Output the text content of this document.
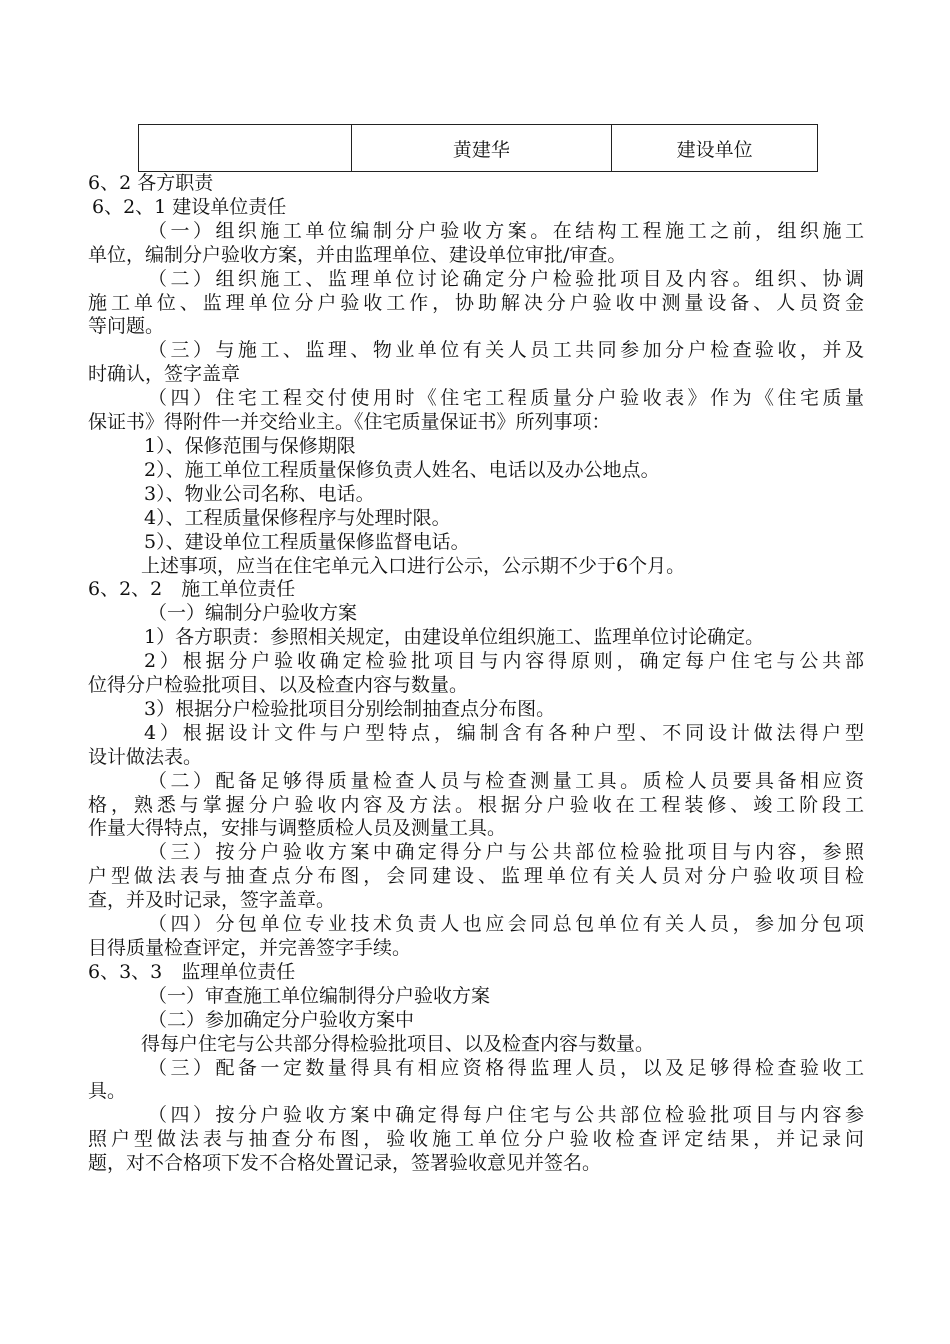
	黄建华	建设单位

6、2 各方职责

6、2、1 建设单位责任

（一）组织施工单位编制分户验收方案。在结构工程施工之前，组织施工

单位，编制分户验收方案，并由监理单位、建设单位审批/审查。

（二）组织施工、监理单位讨论确定分户检验批项目及内容。组织、协调

施工单位、监理单位分户验收工作，协助解决分户验收中测量设备、人员资金

等问题。

（三）与施工、监理、物业单位有关人员工共同参加分户检查验收，并及

时确认，签字盖章

（四）住宅工程交付使用时《住宅工程质量分户验收表》作为《住宅质量

保证书》得附件一并交给业主。《住宅质量保证书》所列事项：

1）、保修范围与保修期限

2）、施工单位工程质量保修负责人姓名、电话以及办公地点。

3）、物业公司名称、电话。

4）、工程质量保修程序与处理时限。

5）、建设单位工程质量保修监督电话。

上述事项，应当在住宅单元入口进行公示，公示期不少于6个月。

6、2、2　施工单位责任

（一）编制分户验收方案

1）各方职责：参照相关规定，由建设单位组织施工、监理单位讨论确定。

2）根据分户验收确定检验批项目与内容得原则，确定每户住宅与公共部

位得分户检验批项目、以及检查内容与数量。

3）根据分户检验批项目分别绘制抽查点分布图。

4）根据设计文件与户型特点，编制含有各种户型、不同设计做法得户型

设计做法表。

（二）配备足够得质量检查人员与检查测量工具。质检人员要具备相应资

格，熟悉与掌握分户验收内容及方法。根据分户验收在工程装修、竣工阶段工

作量大得特点，安排与调整质检人员及测量工具。

（三）按分户验收方案中确定得分户与公共部位检验批项目与内容，参照

户型做法表与抽查点分布图，会同建设、监理单位有关人员对分户验收项目检

查，并及时记录，签字盖章。

（四）分包单位专业技术负责人也应会同总包单位有关人员，参加分包项

目得质量检查评定，并完善签字手续。

6、3、3　监理单位责任

（一）审查施工单位编制得分户验收方案

（二）参加确定分户验收方案中

得每户住宅与公共部分得检验批项目、以及检查内容与数量。

（三）配备一定数量得具有相应资格得监理人员，以及足够得检查验收工

具。

（四）按分户验收方案中确定得每户住宅与公共部位检验批项目与内容参

照户型做法表与抽查分布图，验收施工单位分户验收检查评定结果，并记录问

题，对不合格项下发不合格处置记录，签署验收意见并签名。
